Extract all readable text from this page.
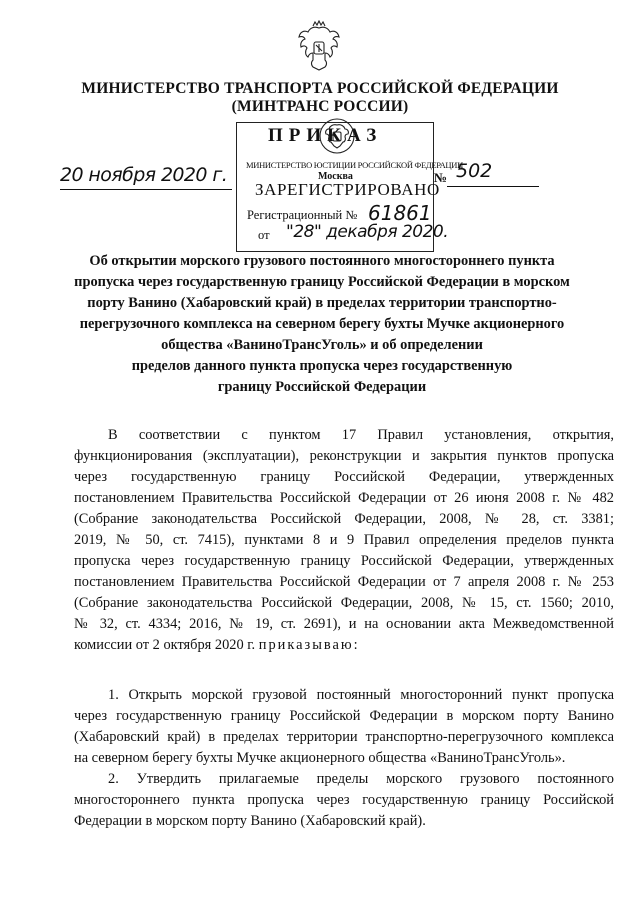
МИНИСТЕРСТВО ТРАНСПОРТА РОССИЙСКОЙ ФЕДЕРАЦИИ
(МИНТРАНС РОССИИ)
ПРИКАЗ
МИНИСТЕРСТВО ЮСТИЦИИ РОССИЙСКОЙ ФЕДЕРАЦИИ
Москва
ЗАРЕГИСТРИРОВАНО
Регистрационный № 61861
от "28" декабря 2020.
20 ноября 2020 г.	№ 502
Об открытии морского грузового постоянного многостороннего пункта
пропуска через государственную границу Российской Федерации в морском
порту Ванино (Хабаровский край) в пределах территории транспортно-
перегрузочного комплекса на северном берегу бухты Мучке акционерного
общества «ВаниноТрансУголь» и об определении
пределов данного пункта пропуска через государственную
границу Российской Федерации
В соответствии с пунктом 17 Правил установления, открытия,
функционирования (эксплуатации), реконструкции и закрытия пунктов пропуска
через государственную границу Российской Федерации, утвержденных
постановлением Правительства Российской Федерации от 26 июня 2008 г. № 482
(Собрание законодательства Российской Федерации, 2008, № 28, ст. 3381;
2019, № 50, ст. 7415), пунктами 8 и 9 Правил определения пределов пункта
пропуска через государственную границу Российской Федерации, утвержденных
постановлением Правительства Российской Федерации от 7 апреля 2008 г. № 253
(Собрание законодательства Российской Федерации, 2008, № 15, ст. 1560; 2010,
№ 32, ст. 4334; 2016, № 19, ст. 2691), и на основании акта Межведомственной
комиссии от 2 октября 2020 г. приказываю:
1. Открыть морской грузовой постоянный многосторонний пункт пропуска
через государственную границу Российской Федерации в морском порту Ванино
(Хабаровский край) в пределах территории транспортно-перегрузочного комплекса
на северном берегу бухты Мучке акционерного общества «ВаниноТрансУголь».
2. Утвердить прилагаемые пределы морского грузового постоянного
многостороннего пункта пропуска через государственную границу Российской
Федерации в морском порту Ванино (Хабаровский край).
